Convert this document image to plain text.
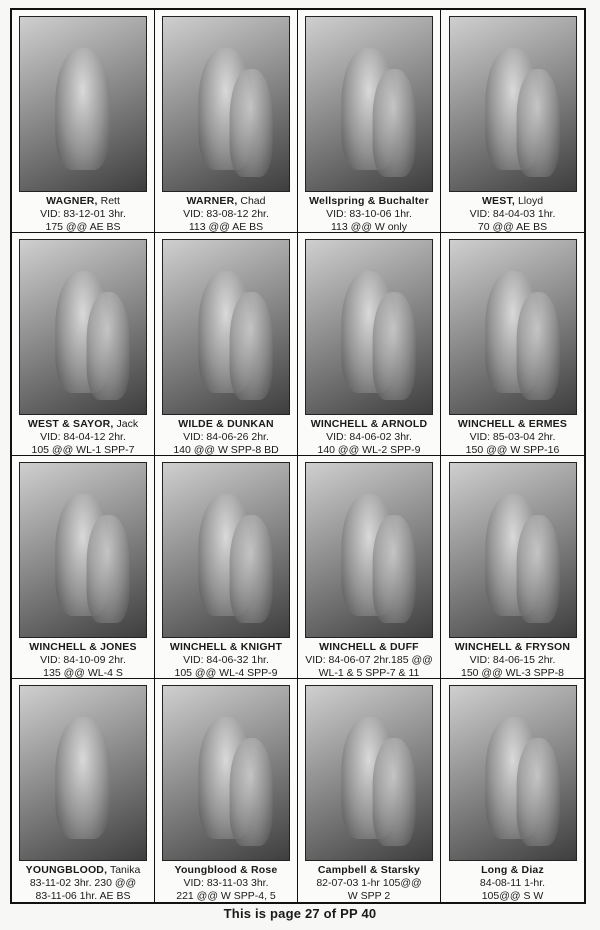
WAGNER, Rett
VID: 83-12-01 3hr.
175 @@ AE BS
WARNER, Chad
VID: 83-08-12 2hr.
113 @@ AE BS
Wellspring & Buchalter
VID: 83-10-06 1hr.
113 @@ W only
WEST, Lloyd
VID: 84-04-03 1hr.
70 @@ AE BS
WEST & SAYOR, Jack
VID: 84-04-12 2hr.
105 @@ WL-1 SPP-7
WILDE & DUNKAN
VID: 84-06-26 2hr.
140 @@ W SPP-8 BD
WINCHELL & ARNOLD
VID: 84-06-02 3hr.
140 @@ WL-2 SPP-9
WINCHELL & ERMES
VID: 85-03-04 2hr.
150 @@ W SPP-16
WINCHELL & JONES
VID: 84-10-09 2hr.
135 @@ WL-4 S
WINCHELL & KNIGHT
VID: 84-06-32 1hr.
105 @@ WL-4 SPP-9
WINCHELL & DUFF
VID: 84-06-07 2hr.185 @@
WL-1 & 5 SPP-7 & 11
WINCHELL & FRYSON
VID: 84-06-15 2hr.
150 @@ WL-3 SPP-8
YOUNGBLOOD, Tanika
83-11-02 3hr. 230 @@
83-11-06 1hr. AE BS
Youngblood & Rose
VID: 83-11-03 3hr.
221 @@ W SPP-4, 5
Campbell & Starsky
82-07-03 1-hr 105@@
W SPP 2
Long & Diaz
84-08-11 1-hr.
105@@ S W
This is page 27 of PP 40
